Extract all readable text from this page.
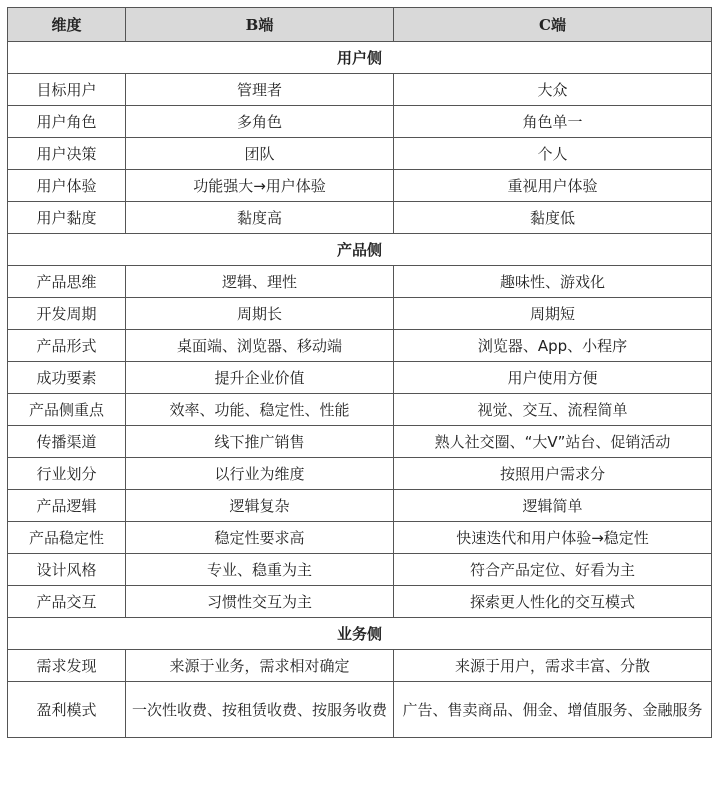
维度	B端	C端
用户侧		
目标用户	管理者	大众
用户角色	多角色	角色单一
用户决策	团队	个人
用户体验	功能强大→用户体验	重视用户体验
用户黏度	黏度高	黏度低
产品侧		
产品思维	逻辑、理性	趣味性、游戏化
开发周期	周期长	周期短
产品形式	桌面端、浏览器、移动端	浏览器、App、小程序
成功要素	提升企业价值	用户使用方便
产品侧重点	效率、功能、稳定性、性能	视觉、交互、流程简单
传播渠道	线下推广销售	熟人社交圈、“大V”站台、促销活动
行业划分	以行业为维度	按照用户需求分
产品逻辑	逻辑复杂	逻辑简单
产品稳定性	稳定性要求高	快速迭代和用户体验→稳定性
设计风格	专业、稳重为主	符合产品定位、好看为主
产品交互	习惯性交互为主	探索更人性化的交互模式
业务侧		
需求发现	来源于业务，需求相对确定	来源于用户，需求丰富、分散
盈利模式	一次性收费、按租赁收费、按服务收费	广告、售卖商品、佣金、增值服务、金融服务
